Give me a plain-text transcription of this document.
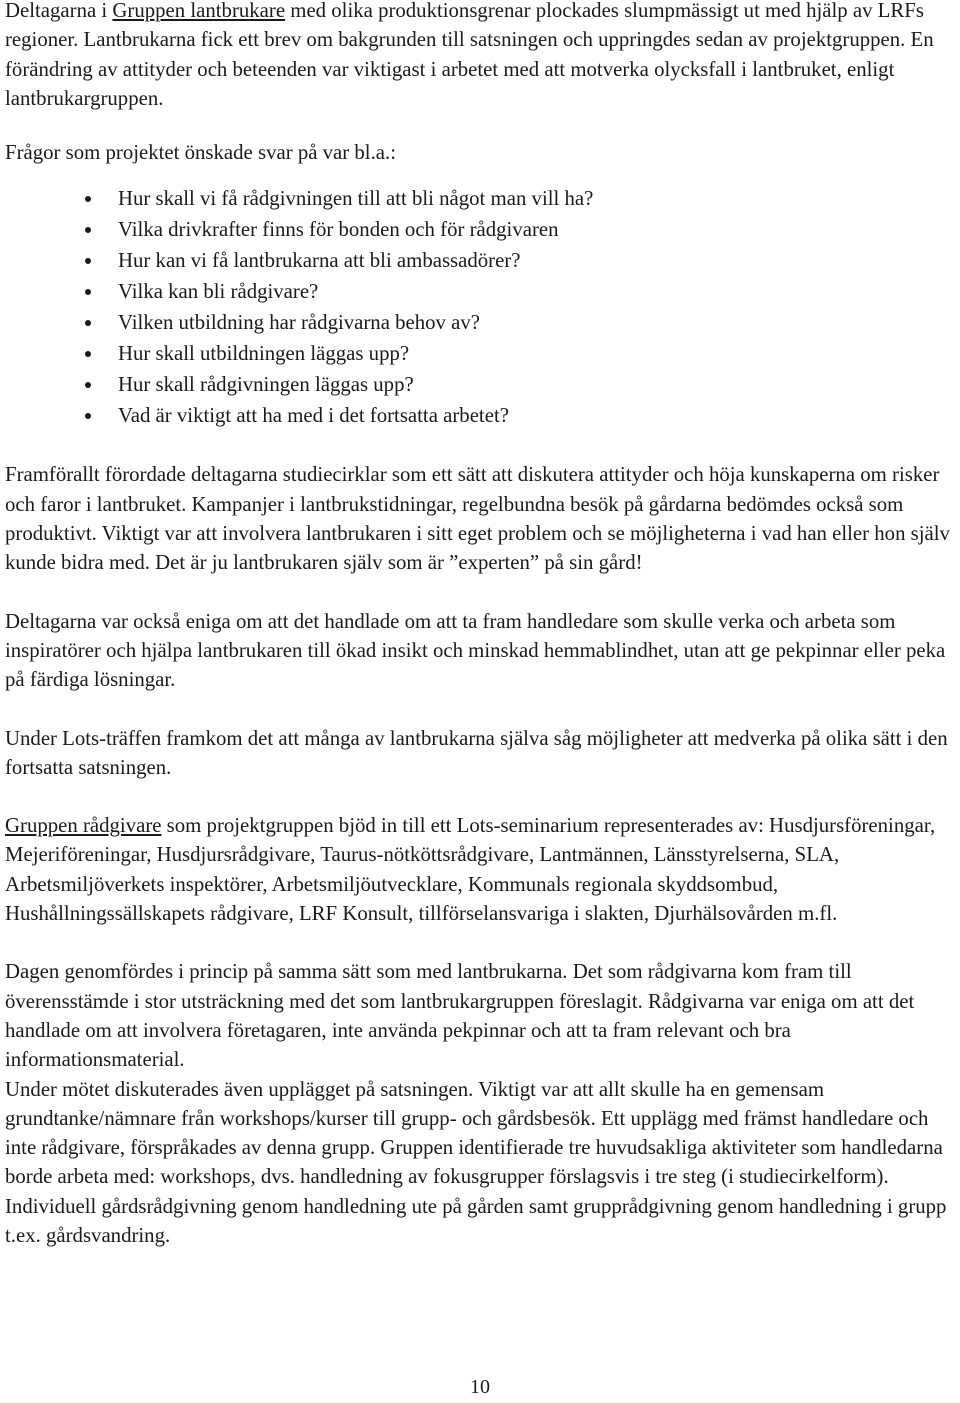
Deltagarna i Gruppen lantbrukare med olika produktionsgrenar plockades slumpmässigt ut med hjälp av LRFs regioner. Lantbrukarna fick ett brev om bakgrunden till satsningen och uppringdes sedan av projektgruppen. En förändring av attityder och beteenden var viktigast i arbetet med att motverka olycksfall i lantbruket, enligt lantbrukargruppen.

Frågor som projektet önskade svar på var bl.a.:

Hur skall vi få rådgivningen till att bli något man vill ha?
Vilka drivkrafter finns för bonden och för rådgivaren
Hur kan vi få lantbrukarna att bli ambassadörer?
Vilka kan bli rådgivare?
Vilken utbildning har rådgivarna behov av?
Hur skall utbildningen läggas upp?
Hur skall rådgivningen läggas upp?
Vad är viktigt att ha med i det fortsatta arbetet?

Framförallt förordade deltagarna studiecirklar som ett sätt att diskutera attityder och höja kunskaperna om risker och faror i lantbruket. Kampanjer i lantbrukstidningar, regelbundna besök på gårdarna bedömdes också som produktivt. Viktigt var att involvera lantbrukaren i sitt eget problem och se möjligheterna i vad han eller hon själv kunde bidra med. Det är ju lantbrukaren själv som är ”experten” på sin gård!

Deltagarna var också eniga om att det handlade om att ta fram handledare som skulle verka och arbeta som inspiratörer och hjälpa lantbrukaren till ökad insikt och minskad hemmablindhet, utan att ge pekpinnar eller peka på färdiga lösningar.

Under Lots-träffen framkom det att många av lantbrukarna själva såg möjligheter att medverka på olika sätt i den fortsatta satsningen.

Gruppen rådgivare som projektgruppen bjöd in till ett Lots-seminarium representerades av: Husdjursföreningar, Mejeriföreningar, Husdjursrådgivare, Taurus-nötköttsrådgivare, Lantmännen, Länsstyrelserna, SLA, Arbetsmiljöverkets inspektörer, Arbetsmiljöutvecklare, Kommunals regionala skyddsombud, Hushållningssällskapets rådgivare, LRF Konsult, tillförselansvariga i slakten, Djurhälsovården m.fl.

Dagen genomfördes i princip på samma sätt som med lantbrukarna. Det som rådgivarna kom fram till överensstämde i stor utsträckning med det som lantbrukargruppen föreslagit. Rådgivarna var eniga om att det handlade om att involvera företagaren, inte använda pekpinnar och att ta fram relevant och bra informationsmaterial.

Under mötet diskuterades även upplägget på satsningen. Viktigt var att allt skulle ha en gemensam grundtanke/nämnare från workshops/kurser till grupp- och gårdsbesök. Ett upplägg med främst handledare och inte rådgivare, förspråkades av denna grupp. Gruppen identifierade tre huvudsakliga aktiviteter som handledarna borde arbeta med: workshops, dvs. handledning av fokusgrupper förslagsvis i tre steg (i studiecirkelform). Individuell gårdsrådgivning genom handledning ute på gården samt grupprådgivning genom handledning i grupp t.ex. gårdsvandring.

10
